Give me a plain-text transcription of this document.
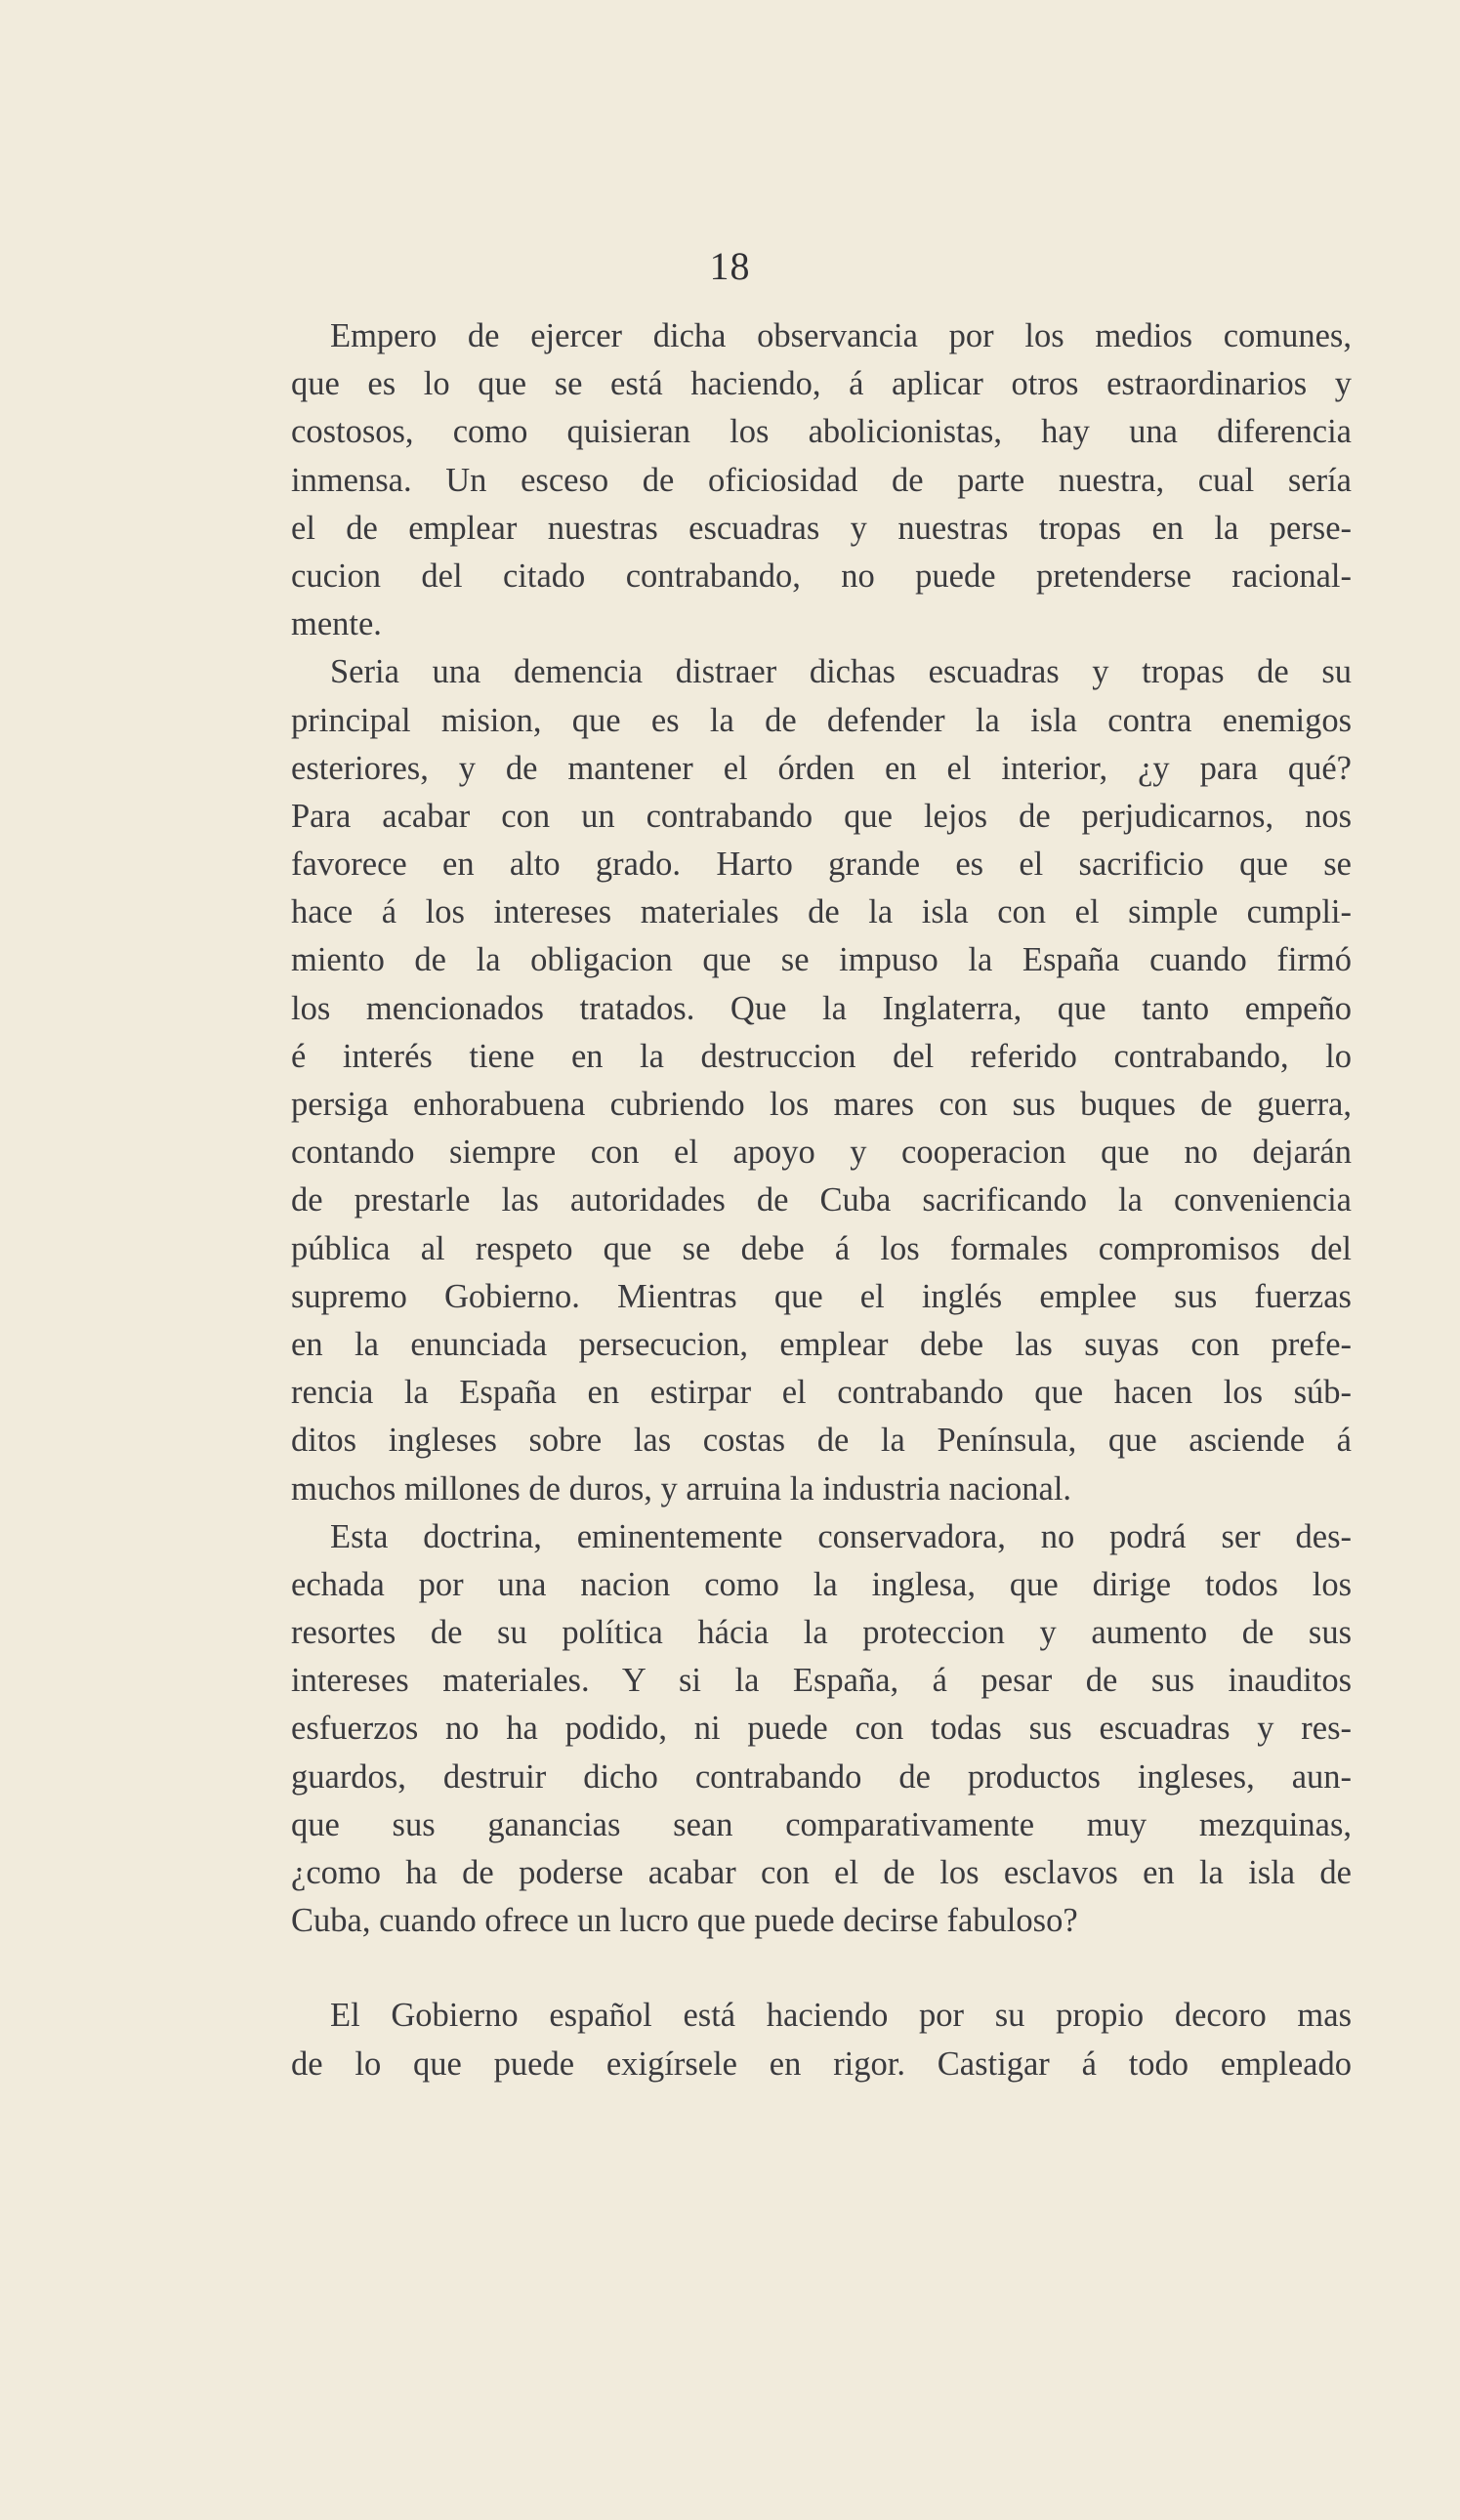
18
Empero de ejercer dicha observancia por los medios comunes,
que es lo que se está haciendo, á aplicar otros estraordinarios y
costosos, como quisieran los abolicionistas, hay una diferencia
inmensa. Un esceso de oficiosidad de parte nuestra, cual sería
el de emplear nuestras escuadras y nuestras tropas en la perse-
cucion del citado contrabando, no puede pretenderse racional-
mente.
Seria una demencia distraer dichas escuadras y tropas de su
principal mision, que es la de defender la isla contra enemigos
esteriores, y de mantener el órden en el interior, ¿y para qué?
Para acabar con un contrabando que lejos de perjudicarnos, nos
favorece en alto grado. Harto grande es el sacrificio que se
hace á los intereses materiales de la isla con el simple cumpli-
miento de la obligacion que se impuso la España cuando firmó
los mencionados tratados. Que la Inglaterra, que tanto empeño
é interés tiene en la destruccion del referido contrabando, lo
persiga enhorabuena cubriendo los mares con sus buques de guerra,
contando siempre con el apoyo y cooperacion que no dejarán
de prestarle las autoridades de Cuba sacrificando la conveniencia
pública al respeto que se debe á los formales compromisos del
supremo Gobierno. Mientras que el inglés emplee sus fuerzas
en la enunciada persecucion, emplear debe las suyas con prefe-
rencia la España en estirpar el contrabando que hacen los súb-
ditos ingleses sobre las costas de la Península, que asciende á
muchos millones de duros, y arruina la industria nacional.
Esta doctrina, eminentemente conservadora, no podrá ser des-
echada por una nacion como la inglesa, que dirige todos los
resortes de su política hácia la proteccion y aumento de sus
intereses materiales. Y si la España, á pesar de sus inauditos
esfuerzos no ha podido, ni puede con todas sus escuadras y res-
guardos, destruir dicho contrabando de productos ingleses, aun-
que sus ganancias sean comparativamente muy mezquinas,
¿como ha de poderse acabar con el de los esclavos en la isla de
Cuba, cuando ofrece un lucro que puede decirse fabuloso?
El Gobierno español está haciendo por su propio decoro mas
de lo que puede exigírsele en rigor. Castigar á todo empleado
